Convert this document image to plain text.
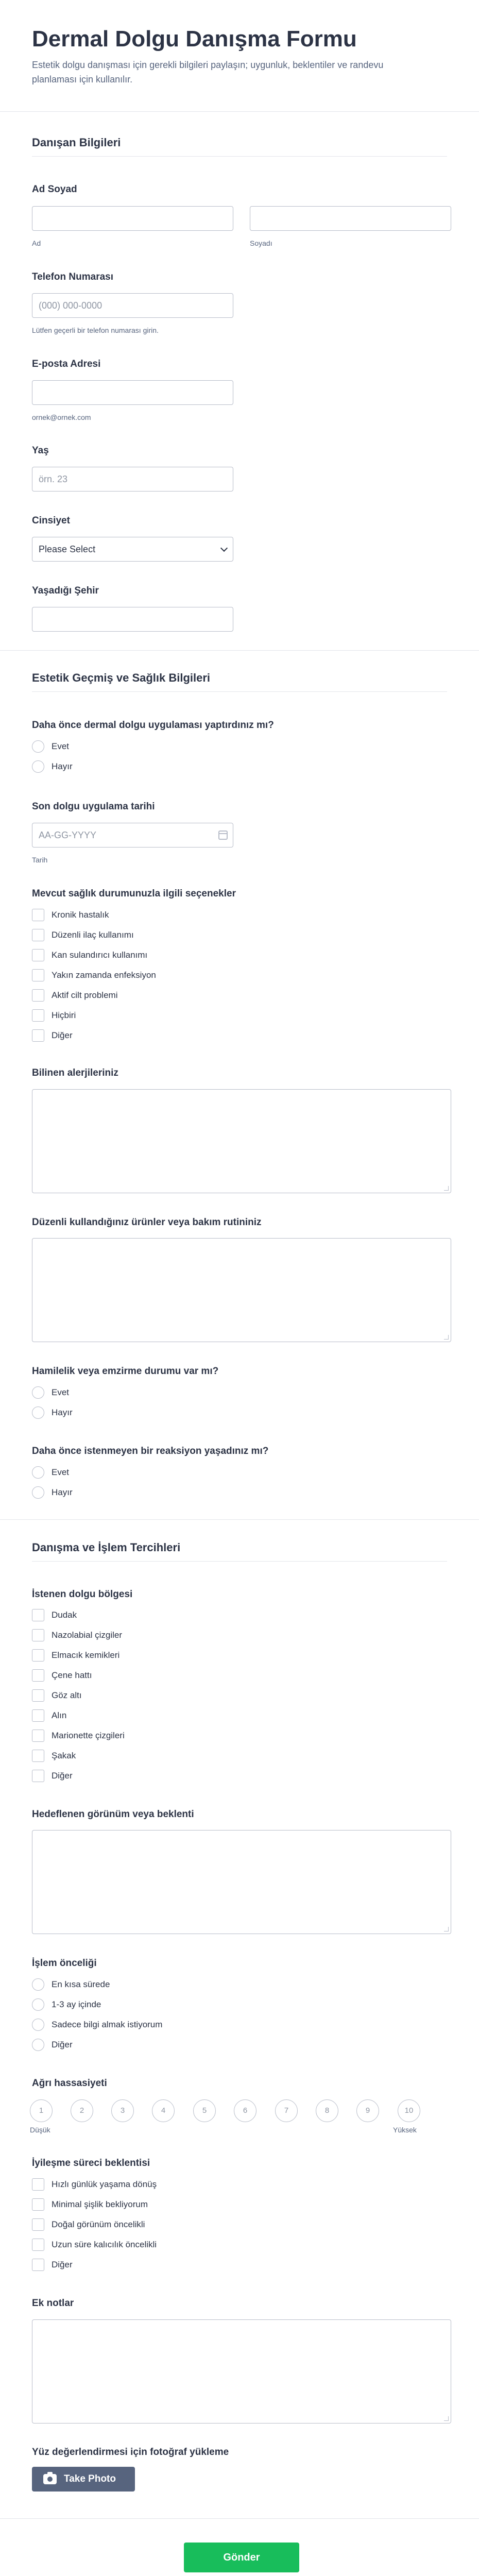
Dermal Dolgu Danışma Formu
Estetik dolgu danışması için gerekli bilgileri paylaşın; uygunluk, beklentiler ve randevu planlaması için kullanılır.
Danışan Bilgileri
Ad Soyad
Ad	Soyadı
Telefon Numarası
(000) 000-0000
Lütfen geçerli bir telefon numarası girin.
E-posta Adresi
ornek@ornek.com
Yaş
örn. 23
Cinsiyet
Please Select
Yaşadığı Şehir
Estetik Geçmiş ve Sağlık Bilgileri
Daha önce dermal dolgu uygulaması yaptırdınız mı?
Evet
Hayır
Son dolgu uygulama tarihi
AA-GG-YYYY
Tarih
Mevcut sağlık durumunuzla ilgili seçenekler
Kronik hastalık
Düzenli ilaç kullanımı
Kan sulandırıcı kullanımı
Yakın zamanda enfeksiyon
Aktif cilt problemi
Hiçbiri
Diğer
Bilinen alerjileriniz
Düzenli kullandığınız ürünler veya bakım rutininiz
Hamilelik veya emzirme durumu var mı?
Evet
Hayır
Daha önce istenmeyen bir reaksiyon yaşadınız mı?
Evet
Hayır
Danışma ve İşlem Tercihleri
İstenen dolgu bölgesi
Dudak
Nazolabial çizgiler
Elmacık kemikleri
Çene hattı
Göz altı
Alın
Marionette çizgileri
Şakak
Diğer
Hedeflenen görünüm veya beklenti
İşlem önceliği
En kısa sürede
1-3 ay içinde
Sadece bilgi almak istiyorum
Diğer
Ağrı hassasiyeti
1	2	3	4	5	6	7	8	9	10
Düşük	Yüksek
İyileşme süreci beklentisi
Hızlı günlük yaşama dönüş
Minimal şişlik bekliyorum
Doğal görünüm öncelikli
Uzun süre kalıcılık öncelikli
Diğer
Ek notlar
Yüz değerlendirmesi için fotoğraf yükleme
Take Photo
Gönder
